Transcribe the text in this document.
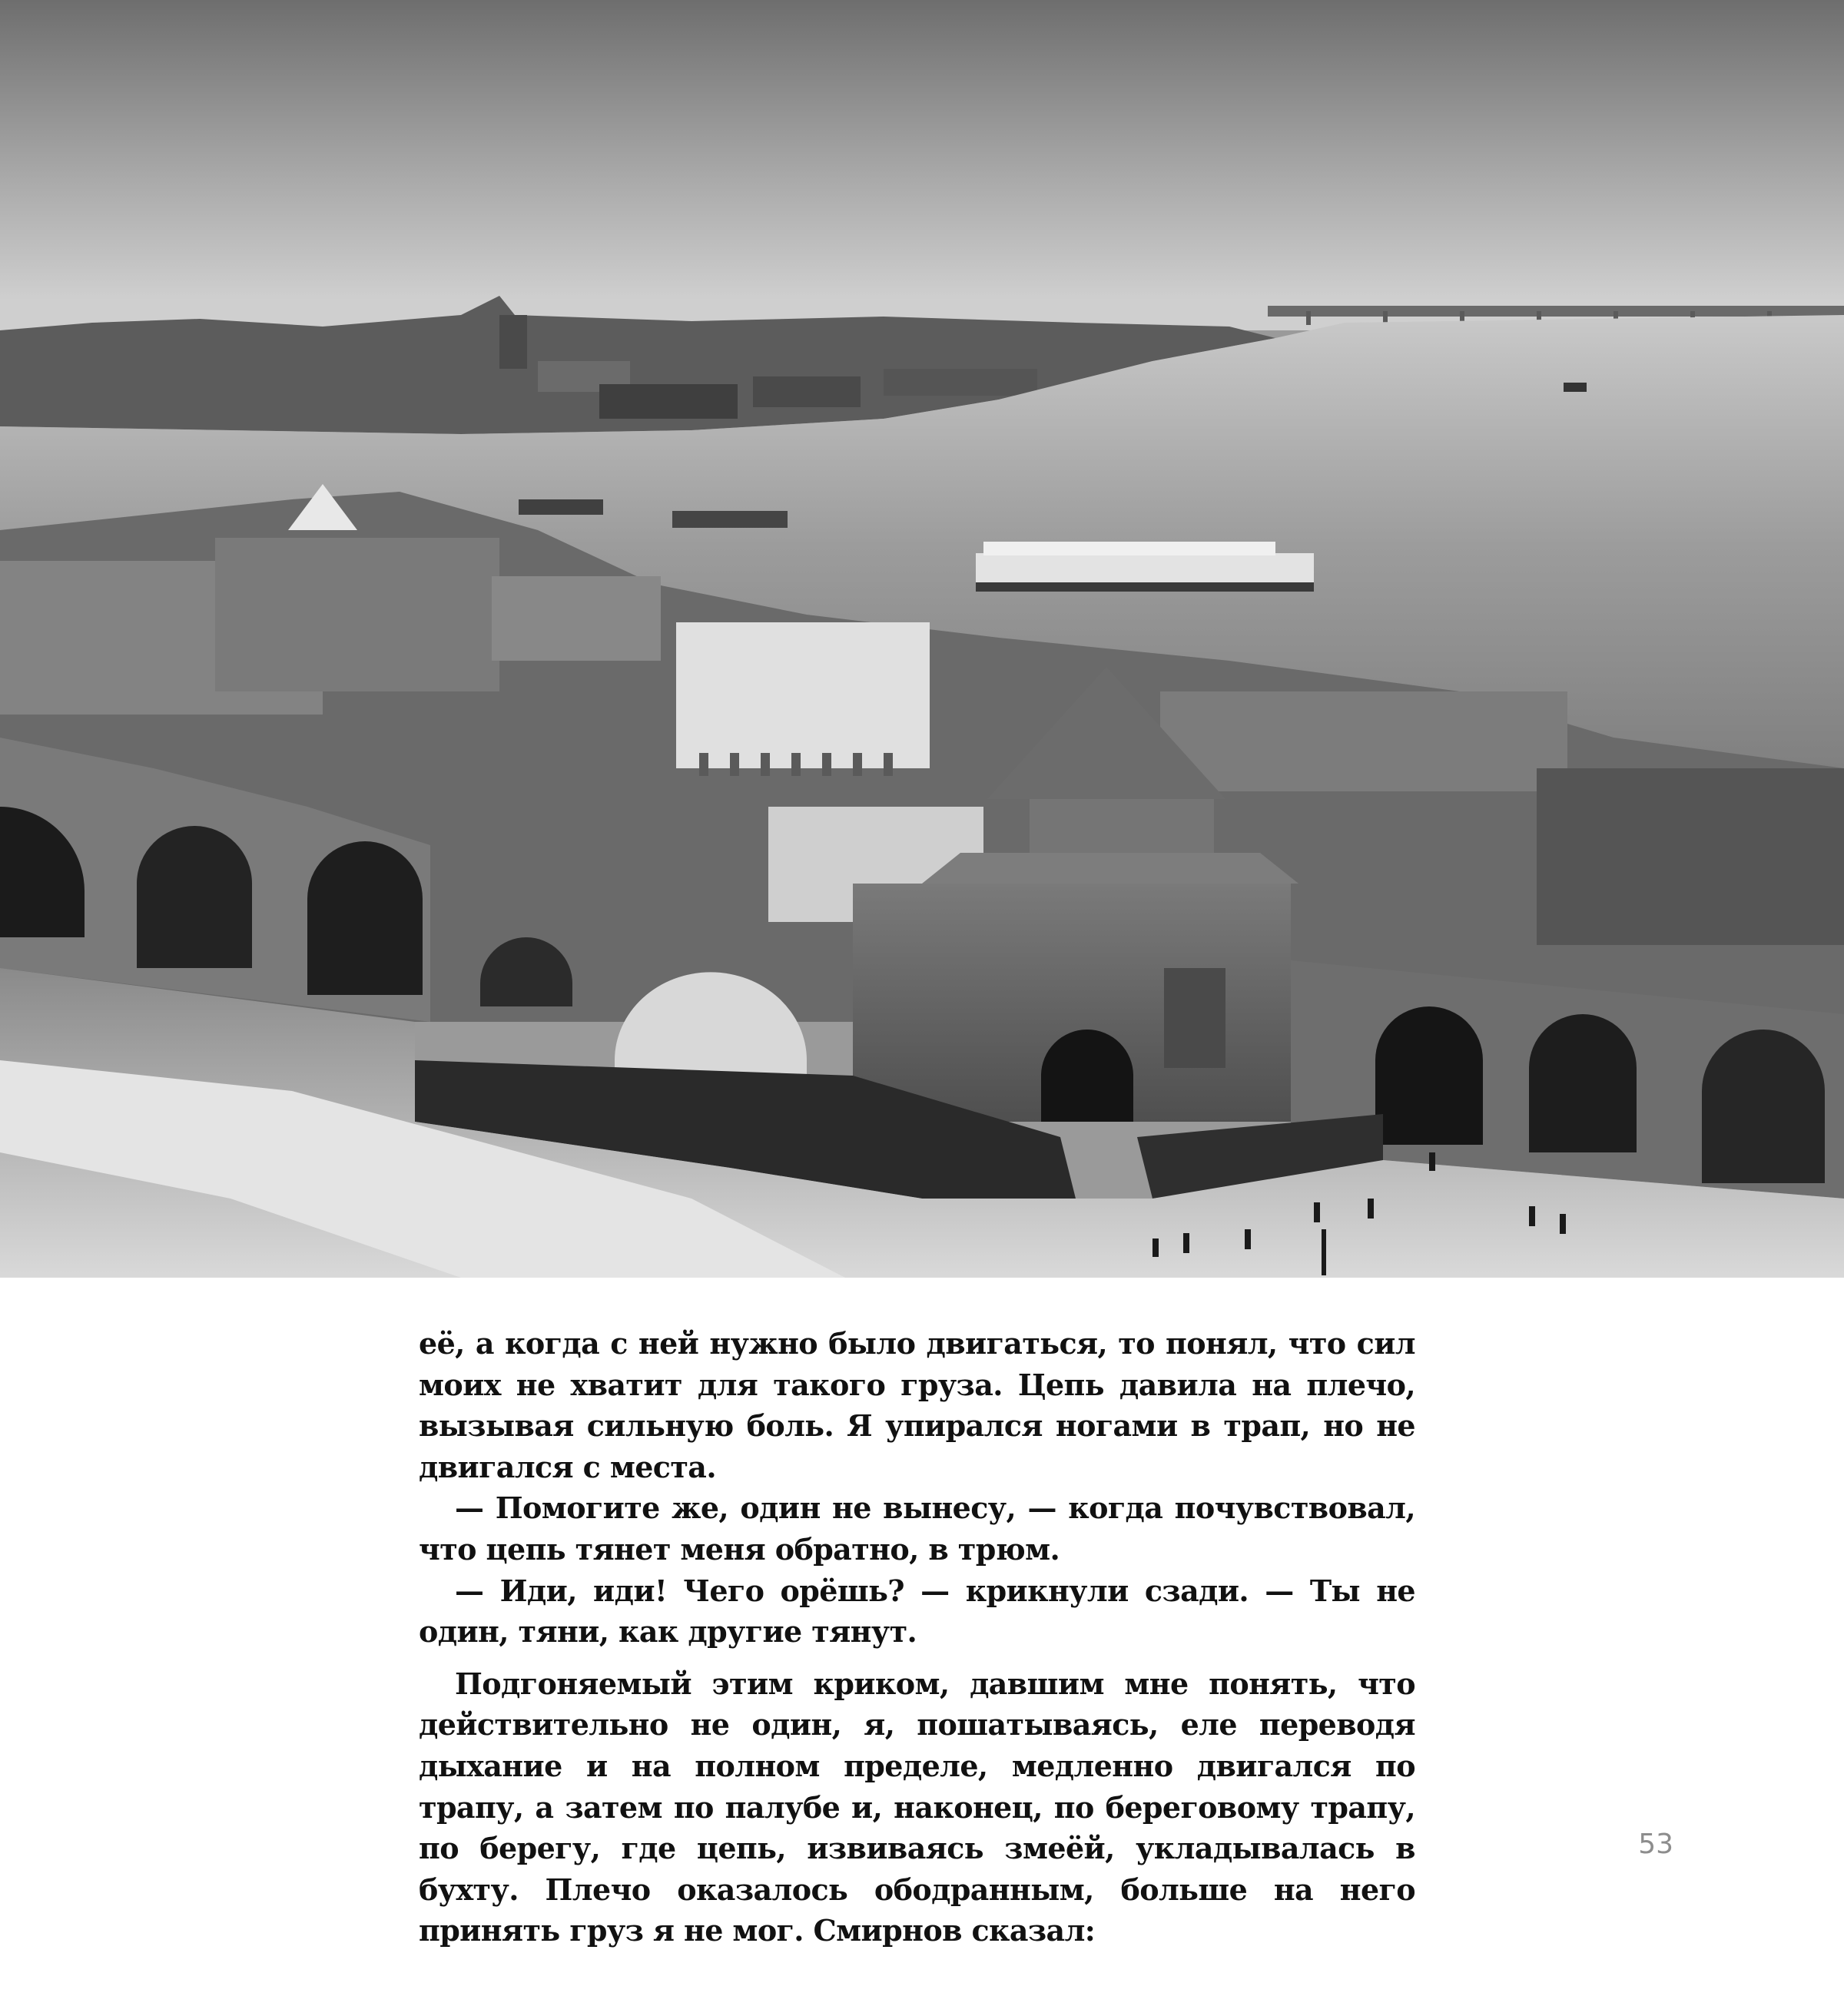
её, а когда с ней нужно было двигаться, то понял, что сил моих не хватит для такого груза. Цепь давила на плечо, вызывая сильную боль. Я упирался ногами в трап, но не двигался с места.

— Помогите же, один не вынесу, — когда почувствовал, что цепь тянет меня обратно, в трюм.

— Иди, иди! Чего орёшь? — крикнули сзади. — Ты не один, тяни, как другие тянут.

Подгоняемый этим криком, давшим мне понять, что действительно не один, я, пошатываясь, еле переводя дыхание и на полном пределе, медленно двигался по трапу, а затем по палубе и, наконец, по береговому трапу, по берегу, где цепь, извиваясь змеёй, укладывалась в бухту. Плечо оказалось ободранным, больше на него принять груз я не мог. Смирнов сказал:

53
